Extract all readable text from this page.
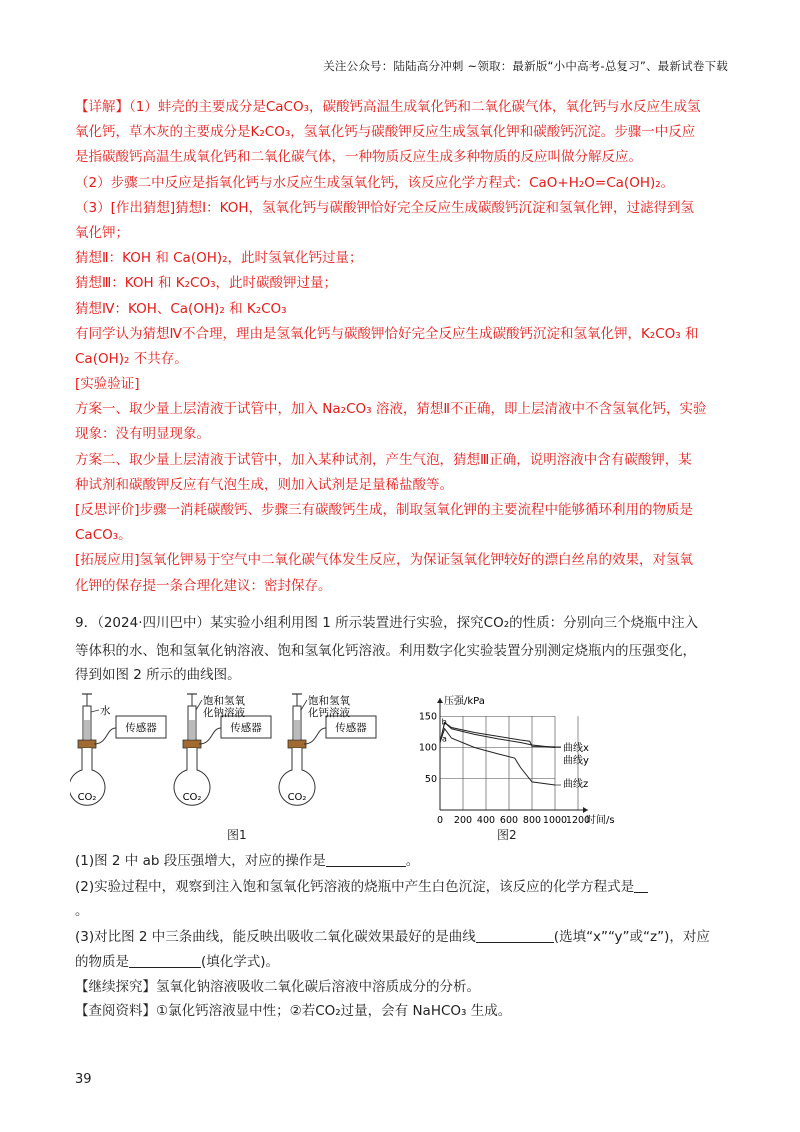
关注公众号：陆陆高分冲刺 ~领取：最新版“小中高考-总复习”、最新试卷下载
【详解】（1）蚌壳的主要成分是CaCO₃，碳酸钙高温生成氧化钙和二氧化碳气体，氧化钙与水反应生成氢
氧化钙，草木灰的主要成分是K₂CO₃，氢氧化钙与碳酸钾反应生成氢氧化钾和碳酸钙沉淀。步骤一中反应
是指碳酸钙高温生成氧化钙和二氧化碳气体，一种物质反应生成多种物质的反应叫做分解反应。
（2）步骤二中反应是指氧化钙与水反应生成氢氧化钙，该反应化学方程式：CaO+H₂O=Ca(OH)₂。
（3）[作出猜想]猜想Ⅰ：KOH，氢氧化钙与碳酸钾恰好完全反应生成碳酸钙沉淀和氢氧化钾，过滤得到氢
氧化钾；
猜想Ⅱ：KOH 和 Ca(OH)₂，此时氢氧化钙过量；
猜想Ⅲ：KOH 和 K₂CO₃，此时碳酸钾过量；
猜想Ⅳ：KOH、Ca(OH)₂ 和 K₂CO₃
有同学认为猜想Ⅳ不合理，理由是氢氧化钙与碳酸钾恰好完全反应生成碳酸钙沉淀和氢氧化钾，K₂CO₃ 和
Ca(OH)₂ 不共存。
[实验验证]
方案一、取少量上层清液于试管中，加入 Na₂CO₃ 溶液，猜想Ⅱ不正确，即上层清液中不含氢氧化钙，实验
现象：没有明显现象。
方案二、取少量上层清液于试管中，加入某种试剂，产生气泡，猜想Ⅲ正确，说明溶液中含有碳酸钾，某
种试剂和碳酸钾反应有气泡生成，则加入试剂是足量稀盐酸等。
[反思评价]步骤一消耗碳酸钙、步骤三有碳酸钙生成，制取氢氧化钾的主要流程中能够循环利用的物质是
CaCO₃。
[拓展应用]氢氧化钾易于空气中二氧化碳气体发生反应，为保证氢氧化钾较好的漂白丝帛的效果，对氢氧
化钾的保存提一条合理化建议：密封保存。
9．（2024·四川巴中）某实验小组利用图 1 所示装置进行实验，探究CO₂的性质：分别向三个烧瓶中注入
等体积的水、饱和氢氧化钠溶液、饱和氢氧化钙溶液。利用数字化实验装置分别测定烧瓶内的压强变化，
得到如图 2 所示的曲线图。
CO₂
传感器
水
CO₂
传感器
饱和氢氧
化钠溶液
CO₂
传感器
饱和氢氧
化钙溶液
图1
压强/kPa
时间/s
0 200 400 600 800 1000
1200
50
100
150
曲线x
曲线y
曲线z
a
b
图2
(1)图 2 中 ab 段压强增大，对应的操作是	。
(2)实验过程中，观察到注入饱和氢氧化钙溶液的烧瓶中产生白色沉淀，该反应的化学方程式是
。
(3)对比图 2 中三条曲线，能反映出吸收二氧化碳效果最好的是曲线	(选填“x”“y”或“z”)，对应
的物质是	(填化学式)。
【继续探究】氢氧化钠溶液吸收二氧化碳后溶液中溶质成分的分析。
【查阅资料】①氯化钙溶液显中性；②若CO₂过量，会有 NaHCO₃ 生成。
39
